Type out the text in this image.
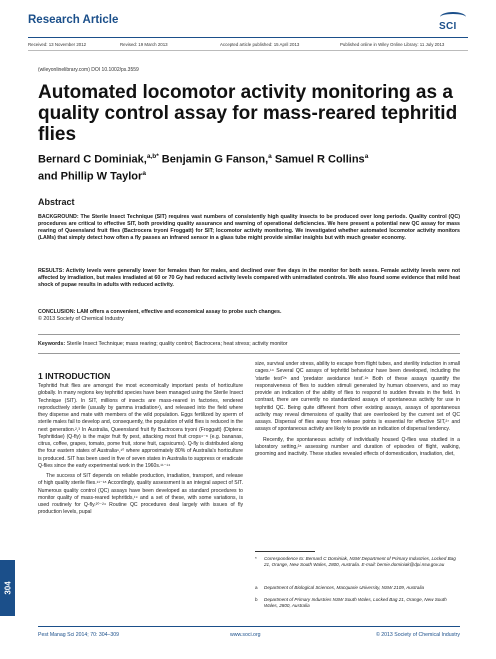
Research Article
SCI
Received: 13 November 2012	Revised: 19 March 2013	Accepted article published: 15 April 2013	Published online in Wiley Online Library: 11 July 2013
(wileyonlinelibrary.com) DOI 10.1002/ps.3559
Automated locomotor activity monitoring as a quality control assay for mass-reared tephritid flies
Bernard C Dominiak,$^{a,b*}$ Benjamin G Fanson,$^a$ Samuel R Collins$^a$
and Phillip W Taylor$^a$
Abstract
BACKGROUND: The Sterile Insect Technique (SIT) requires vast numbers of consistently high quality insects to be produced over long periods. Quality control (QC) procedures are critical to effective SIT, both providing quality assurance and warning of operational deficiencies. We here present a potential new QC assay for mass rearing of Queensland fruit flies (Bactrocera tryoni Froggatt) for SIT; locomotor activity monitoring. We investigated whether automated locomotor activity monitors (LAMs) that simply detect how often a fly passes an infrared sensor in a glass tube might provide similar insights but with much greater economy.
RESULTS: Activity levels were generally lower for females than for males, and declined over five days in the monitor for both sexes. Female activity levels were not affected by irradiation, but males irradiated at 60 or 70 Gy had reduced activity levels compared with unirradiated controls. We also found some evidence that mild heat shock of pupae results in adults with reduced activity.
CONCLUSION: LAM offers a convenient, effective and economical assay to probe such changes.
© 2013 Society of Chemical Industry
Keywords: Sterile Insect Technique; mass rearing; quality control; Bactrocera; heat stress; activity monitor
1 INTRODUCTION

Tephritid fruit flies are amongst the most economically important pests of horticulture globally. In many regions key tephritid species have been managed using the Sterile Insect Technique (SIT). In SIT, millions of insects are mass-reared in factories, rendered reproductively sterile (usually by gamma irradiation¹), and released into the field where they disperse and mate with members of the wild population. Eggs fertilized by sperm of sterile males fail to develop and, consequently, the population of wild flies is reduced in the next generation.²,³ In Australia, Queensland fruit fly Bactrocera tryoni (Froggatt) (Diptera: Tephritidae) (Q-fly) is the major fruit fly pest, attacking most fruit crops⁴⁻⁸ (e.g. bananas, citrus, coffee, grapes, tomato, pome fruit, stone fruit, capsicums). Q-fly is distributed along the four eastern states of Australia⁹,¹⁰ where approximately 80% of Australia's horticulture is produced. SIT has been used in five of seven states in Australia to suppress or eradicate Q-flies since the early experimental work in the 1960s.¹¹⁻¹⁴

The success of SIT depends on reliable production, irradiation, transport, and release of high quality sterile flies.¹¹⁻¹⁸ Accordingly, quality assessment is an integral aspect of SIT. Numerous quality control (QC) assays have been developed as standard procedures to monitor quality of mass-reared tephritids,¹⁹ and a set of these, with some variations, is used routinely for Q-fly.²⁰⁻²⁴ Routine QC procedures deal largely with issues of fly production levels, pupal

size, survival under stress, ability to escape from flight tubes, and sterility induction in small cages.¹⁹ Several QC assays of tephritid behaviour have been developed, including the 'startle test'²⁵ and 'predator avoidance test'.²⁶ Both of these assays quantify the responsiveness of flies to sudden stimuli generated by human observers, and so may provide an indication of the ability of flies to respond to sudden threats in the field. In contrast, there are currently no standardized assays of spontaneous activity for use in tephritid QC. Being quite different from other existing assays, assays of spontaneous activity may reveal dimensions of quality that are overlooked by the current set of QC assays. Dispersal of flies away from release points is essential for effective SIT,²⁷ and assays of spontaneous activity are likely to provide an indication of dispersal tendency.

Recently, the spontaneous activity of individually housed Q-flies was studied in a laboratory setting,²⁸ assessing number and duration of episodes of flight, walking, grooming and inactivity. These studies revealed effects of domestication, irradiation, diet,

* Correspondence to: Bernard C Dominiak, NSW Department of Primary Industries, Locked Bag 21, Orange, New South Wales, 2800, Australia. E-mail: bernie.dominiak@dpi.nsw.gov.au
a Department of Biological Sciences, Macquarie University, NSW 2109, Australia
b Department of Primary Industries NSW South Wales, Locked Bag 21, Orange, New South Wales, 2800, Australia
Pest Manag Sci 2014; 70: 304–309	www.soci.org	© 2013 Society of Chemical Industry
304
